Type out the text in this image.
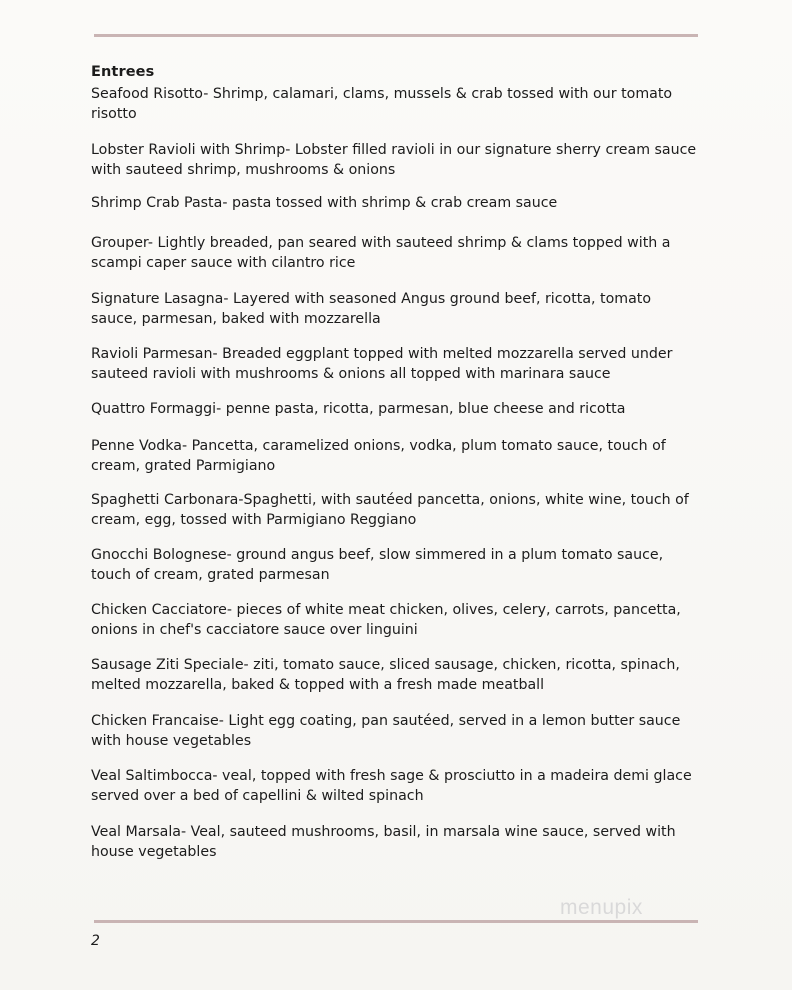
Entrees
Seafood Risotto- Shrimp, calamari, clams, mussels & crab tossed with our tomato risotto
Lobster Ravioli with Shrimp- Lobster filled ravioli in our signature sherry cream sauce with sauteed shrimp, mushrooms & onions
Shrimp Crab Pasta- pasta tossed with shrimp & crab cream sauce
Grouper- Lightly breaded, pan seared with sauteed shrimp & clams topped with a scampi caper sauce with cilantro rice
Signature Lasagna- Layered with seasoned Angus ground beef, ricotta, tomato sauce, parmesan, baked with mozzarella
Ravioli Parmesan- Breaded eggplant topped with melted mozzarella served under sauteed ravioli with mushrooms & onions all topped with marinara sauce
Quattro Formaggi- penne pasta, ricotta, parmesan, blue cheese and ricotta
Penne Vodka- Pancetta, caramelized onions, vodka, plum tomato sauce, touch of cream, grated Parmigiano
Spaghetti Carbonara-Spaghetti, with sautéed pancetta, onions, white wine, touch of cream, egg, tossed with Parmigiano Reggiano
Gnocchi Bolognese- ground angus beef, slow simmered in a plum tomato sauce, touch of cream, grated parmesan
Chicken Cacciatore- pieces of white meat chicken, olives, celery, carrots, pancetta, onions in chef's cacciatore sauce over linguini
Sausage Ziti Speciale- ziti, tomato sauce, sliced sausage, chicken, ricotta, spinach, melted mozzarella, baked & topped with a fresh made meatball
Chicken Francaise- Light egg coating, pan sautéed, served in a lemon butter sauce with house vegetables
Veal Saltimbocca- veal, topped with fresh sage & prosciutto in a madeira demi glace served over a bed of capellini & wilted spinach
Veal Marsala- Veal, sauteed mushrooms, basil, in marsala wine sauce, served with house vegetables
menupix
2
